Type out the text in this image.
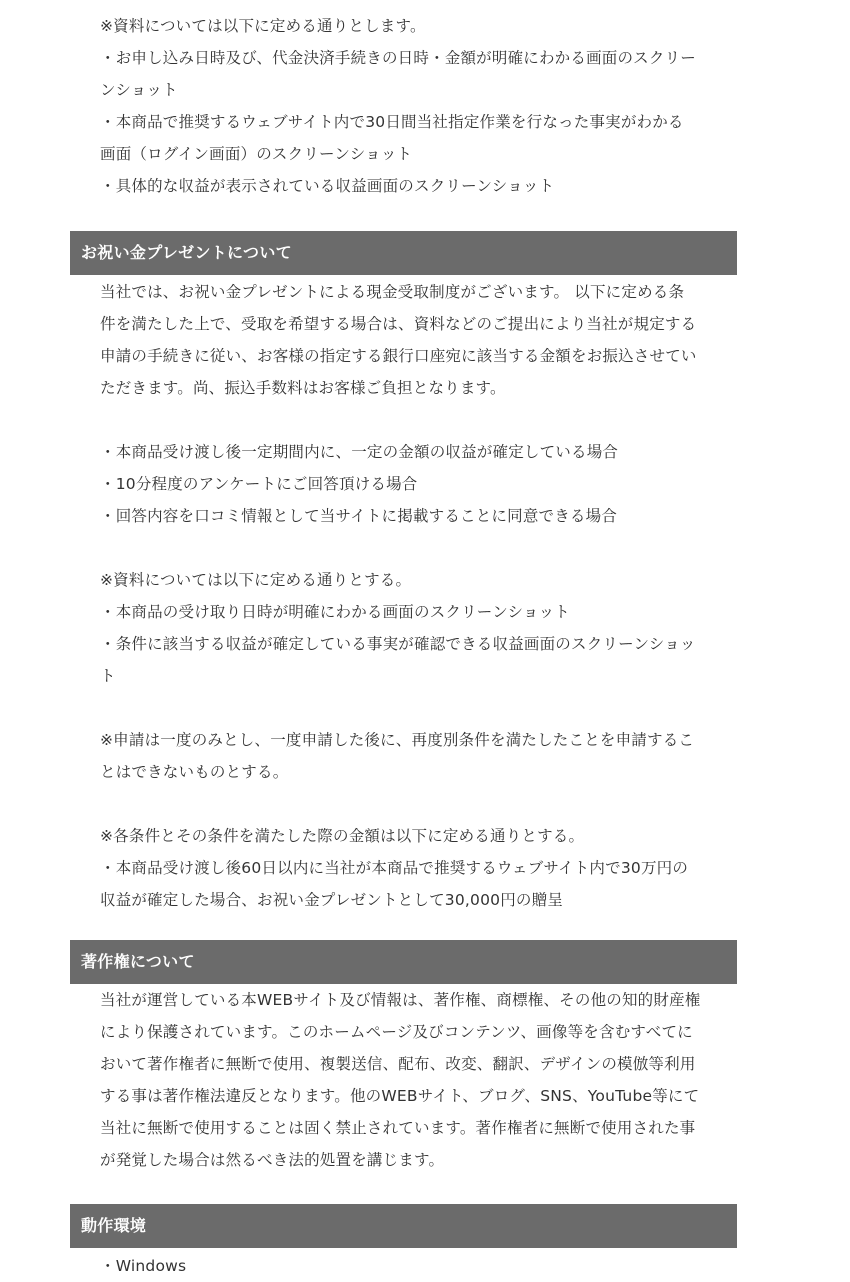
※資料については以下に定める通りとします。

・お申し込み日時及び、代金決済手続きの日時・金額が明確にわかる画面のスクリー

ンショット

・本商品で推奨するウェブサイト内で30日間当社指定作業を行なった事実がわかる

画面（ログイン画面）のスクリーンショット

・具体的な収益が表示されている収益画面のスクリーンショット

お祝い金プレゼントについて

当社では、お祝い金プレゼントによる現金受取制度がございます。 以下に定める条

件を満たした上で、受取を希望する場合は、資料などのご提出により当社が規定する

申請の手続きに従い、お客様の指定する銀行口座宛に該当する金額をお振込させてい

ただきます。尚、振込手数料はお客様ご負担となります。

・本商品受け渡し後一定期間内に、一定の金額の収益が確定している場合

・10分程度のアンケートにご回答頂ける場合

・回答内容を口コミ情報として当サイトに掲載することに同意できる場合

※資料については以下に定める通りとする。

・本商品の受け取り日時が明確にわかる画面のスクリーンショット

・条件に該当する収益が確定している事実が確認できる収益画面のスクリーンショッ

ト

※申請は一度のみとし、一度申請した後に、再度別条件を満たしたことを申請するこ

とはできないものとする。

※各条件とその条件を満たした際の金額は以下に定める通りとする。

・本商品受け渡し後60日以内に当社が本商品で推奨するウェブサイト内で30万円の

収益が確定した場合、お祝い金プレゼントとして30,000円の贈呈

著作権について

当社が運営している本WEBサイト及び情報は、著作権、商標権、その他の知的財産権

により保護されています。このホームページ及びコンテンツ、画像等を含むすべてに

おいて著作権者に無断で使用、複製送信、配布、改変、翻訳、デザインの模倣等利用

する事は著作権法違反となります。他のWEBサイト、ブログ、SNS、YouTube等にて

当社に無断で使用することは固く禁止されています。著作権者に無断で使用された事

が発覚した場合は然るべき法的処置を講じます。

動作環境

・Windows
